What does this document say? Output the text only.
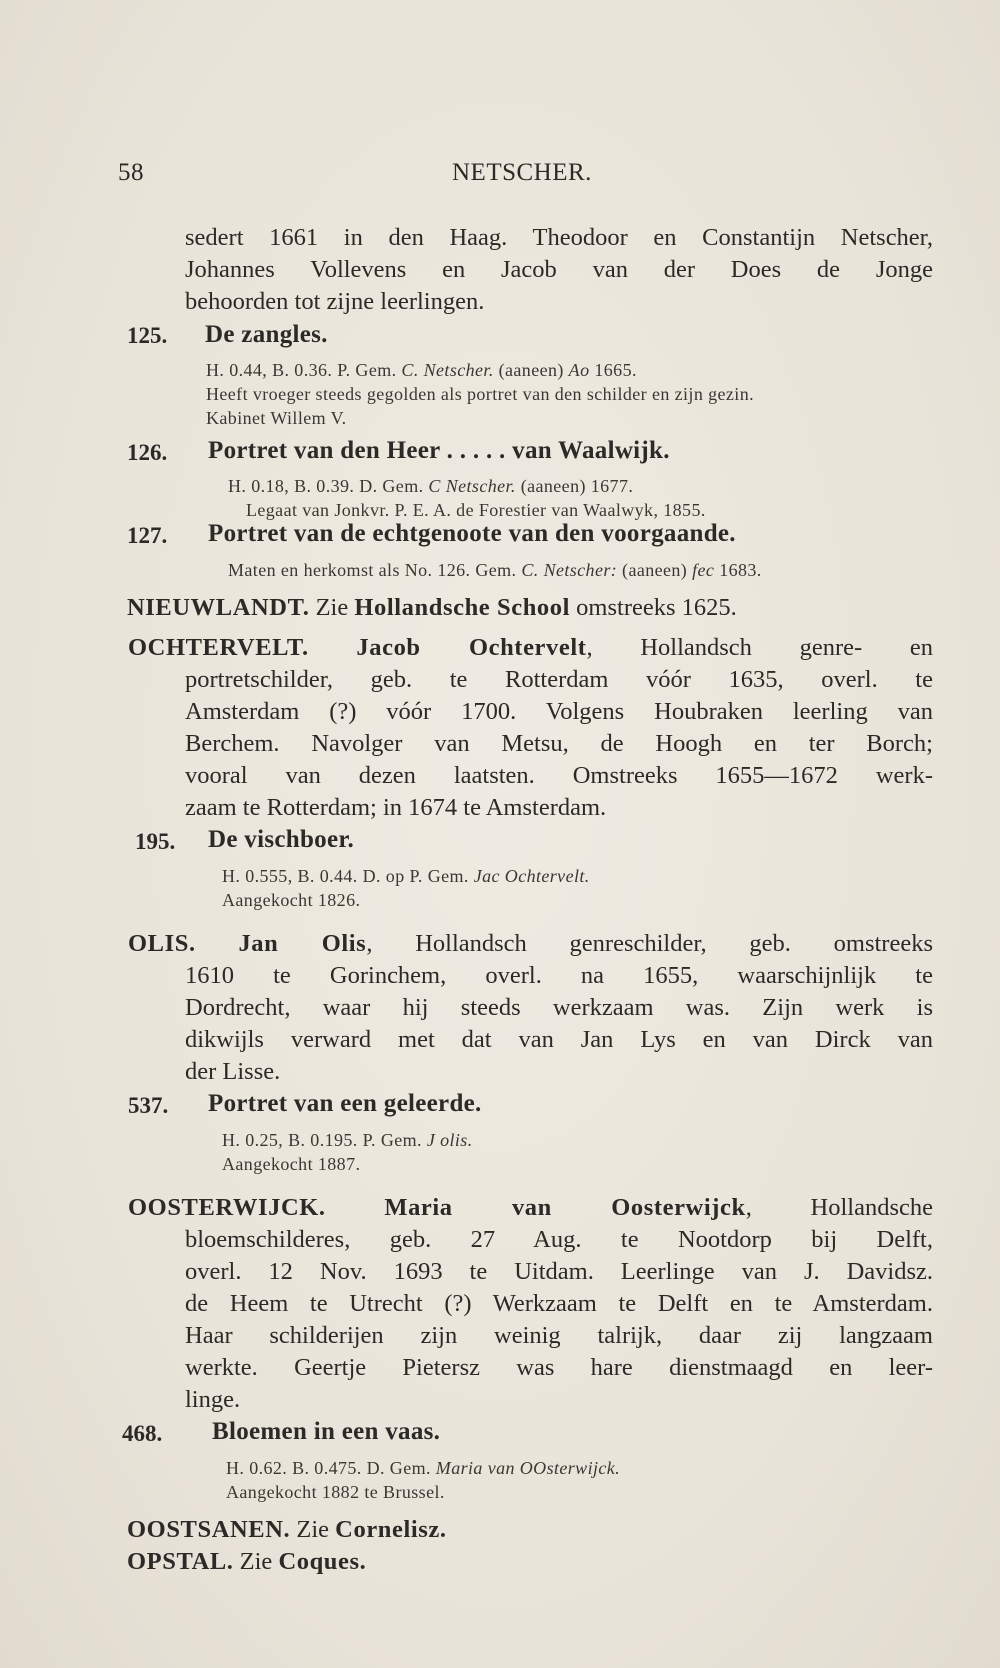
58	NETSCHER.
sedert 1661 in den Haag. Theodoor en Constantijn Netscher,
Johannes Vollevens en Jacob van der Does de Jonge
behoorden tot zijne leerlingen.
125. De zangles.
H. 0.44, B. 0.36. P. Gem. C. Netscher. (aaneen) Ao 1665.
Heeft vroeger steeds gegolden als portret van den schilder en zijn gezin.
Kabinet Willem V.
126. Portret van den Heer . . . . . van Waalwijk.
H. 0.18, B. 0.39. D. Gem. C Netscher. (aaneen) 1677.
Legaat van Jonkvr. P. E. A. de Forestier van Waalwyk, 1855.
127. Portret van de echtgenoote van den voorgaande.
Maten en herkomst als No. 126. Gem. C. Netscher: (aaneen) fec 1683.
NIEUWLANDT. Zie Hollandsche School omstreeks 1625.
OCHTERVELT. Jacob Ochtervelt, Hollandsch genre- en
portretschilder, geb. te Rotterdam vóór 1635, overl. te
Amsterdam (?) vóór 1700. Volgens Houbraken leerling van
Berchem. Navolger van Metsu, de Hoogh en ter Borch;
vooral van dezen laatsten. Omstreeks 1655—1672 werk-
zaam te Rotterdam; in 1674 te Amsterdam.
195. De vischboer.
H. 0.555, B. 0.44. D. op P. Gem. Jac Ochtervelt.
Aangekocht 1826.
OLIS. Jan Olis, Hollandsch genreschilder, geb. omstreeks
1610 te Gorinchem, overl. na 1655, waarschijnlijk te
Dordrecht, waar hij steeds werkzaam was. Zijn werk is
dikwijls verward met dat van Jan Lys en van Dirck van
der Lisse.
537. Portret van een geleerde.
H. 0.25, B. 0.195. P. Gem. J olis.
Aangekocht 1887.
OOSTERWIJCK. Maria van Oosterwijck, Hollandsche
bloemschilderes, geb. 27 Aug. te Nootdorp bij Delft,
overl. 12 Nov. 1693 te Uitdam. Leerlinge van J. Davidsz.
de Heem te Utrecht (?) Werkzaam te Delft en te Amsterdam.
Haar schilderijen zijn weinig talrijk, daar zij langzaam
werkte. Geertje Pietersz was hare dienstmaagd en leer-
linge.
468. Bloemen in een vaas.
H. 0.62. B. 0.475. D. Gem. Maria van OOsterwijck.
Aangekocht 1882 te Brussel.
OOSTSANEN. Zie Cornelisz.
OPSTAL. Zie Coques.
